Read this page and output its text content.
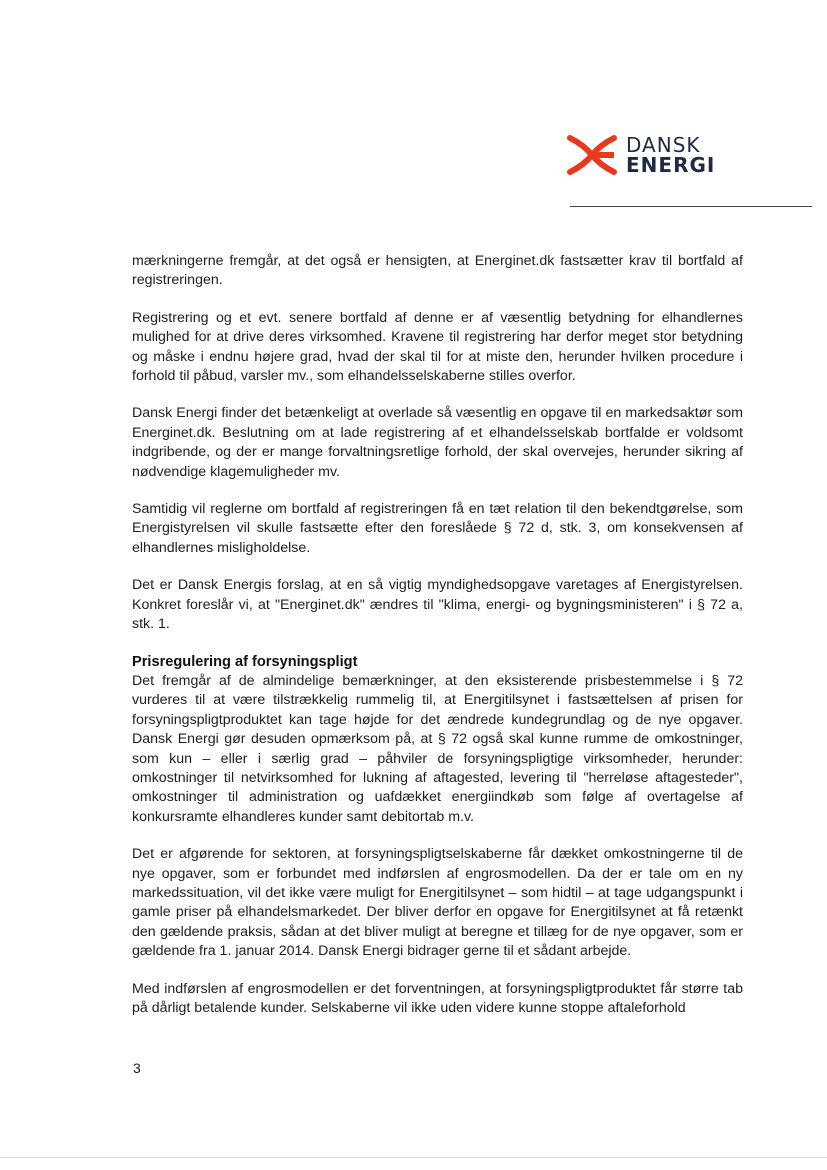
DANSK
ENERGI

mærkningerne fremgår, at det også er hensigten, at Energinet.dk fastsætter krav til bortfald af registreringen.

Registrering og et evt. senere bortfald af denne er af væsentlig betydning for elhandlernes mulighed for at drive deres virksomhed. Kravene til registrering har derfor meget stor betydning og måske i endnu højere grad, hvad der skal til for at miste den, herunder hvilken procedure i forhold til påbud, varsler mv., som elhandelsselskaberne stilles overfor.

Dansk Energi finder det betænkeligt at overlade så væsentlig en opgave til en markedsaktør som Energinet.dk. Beslutning om at lade registrering af et elhandelsselskab bortfalde er voldsomt indgribende, og der er mange forvaltningsretlige forhold, der skal overvejes, herunder sikring af nødvendige klagemuligheder mv.

Samtidig vil reglerne om bortfald af registreringen få en tæt relation til den bekendtgørelse, som Energistyrelsen vil skulle fastsætte efter den foreslåede § 72 d, stk. 3, om konsekvensen af elhandlernes misligholdelse.

Det er Dansk Energis forslag, at en så vigtig myndighedsopgave varetages af Energistyrelsen. Konkret foreslår vi, at "Energinet.dk" ændres til "klima, energi- og bygningsministeren" i § 72 a, stk. 1.

Prisregulering af forsyningspligt

Det fremgår af de almindelige bemærkninger, at den eksisterende prisbestemmelse i § 72 vurderes til at være tilstrækkelig rummelig til, at Energitilsynet i fastsættelsen af prisen for forsyningspligtproduktet kan tage højde for det ændrede kundegrundlag og de nye opgaver. Dansk Energi gør desuden opmærksom på, at § 72 også skal kunne rumme de omkostninger, som kun – eller i særlig grad – påhviler de forsyningspligtige virksomheder, herunder: omkostninger til netvirksomhed for lukning af aftagested, levering til "herreløse aftagesteder", omkostninger til administration og uafdækket energiindkøb som følge af overtagelse af konkursramte elhandleres kunder samt debitortab m.v.

Det er afgørende for sektoren, at forsyningspligtselskaberne får dækket omkostningerne til de nye opgaver, som er forbundet med indførslen af engrosmodellen. Da der er tale om en ny markedssituation, vil det ikke være muligt for Energitilsynet – som hidtil – at tage udgangspunkt i gamle priser på elhandelsmarkedet. Der bliver derfor en opgave for Energitilsynet at få retænkt den gældende praksis, sådan at det bliver muligt at beregne et tillæg for de nye opgaver, som er gældende fra 1. januar 2014. Dansk Energi bidrager gerne til et sådant arbejde.

Med indførslen af engrosmodellen er det forventningen, at forsyningspligtproduktet får større tab på dårligt betalende kunder. Selskaberne vil ikke uden videre kunne stoppe aftaleforhold

3
